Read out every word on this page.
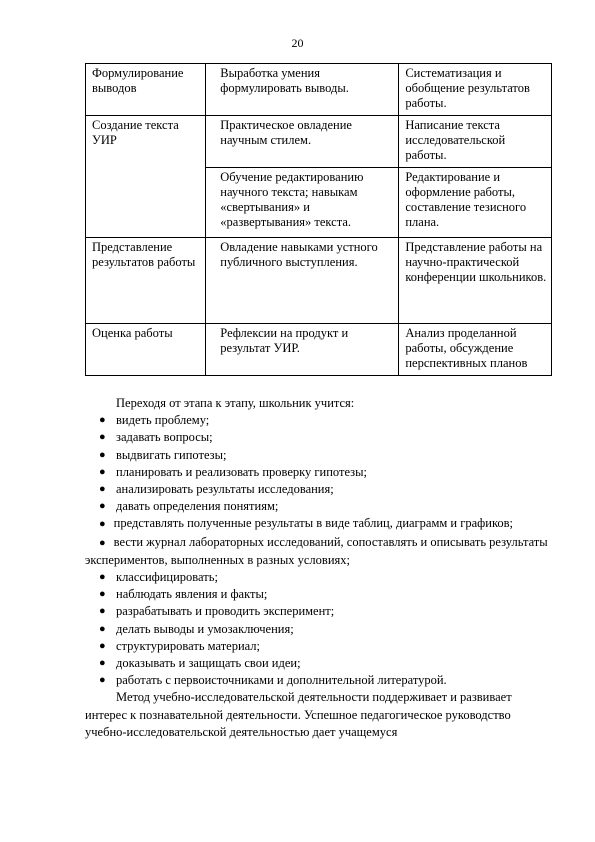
20
Формулирование выводов	Выработка умения формулировать выводы.	Систематизация и обобщение результатов работы.
Создание текста УИР	Практическое овладение научным стилем.	Написание текста исследовательской работы.

	Обучение редактированию научного текста; навыкам «свертывания» и «развертывания» текста.	Редактирование и оформление работы, составление тезисного плана.
Представление результатов работы	Овладение навыками устного публичного выступления.	Представление работы на научно-практической конференции школьников.
Оценка работы	Рефлексии на продукт и результат УИР.	Анализ проделанной работы, обсуждение перспективных планов
Переходя от этапа к этапу, школьник учится:
● видеть проблему;
● задавать вопросы;
● выдвигать гипотезы;
● планировать и реализовать проверку гипотезы;
● анализировать результаты исследования;
● давать определения понятиям;
● представлять полученные результаты в виде таблиц, диаграмм и графиков;
● вести журнал лабораторных исследований, сопоставлять и описывать результаты экспериментов, выполненных в разных условиях;
● классифицировать;
● наблюдать явления и факты;
● разрабатывать и проводить эксперимент;
● делать выводы и умозаключения;
● структурировать материал;
● доказывать и защищать свои идеи;
● работать с первоисточниками и дополнительной литературой.
Метод учебно-исследовательской деятельности поддерживает и развивает интерес к познавательной деятельности. Успешное педагогическое руководство учебно-исследовательской деятельностью дает учащемуся
